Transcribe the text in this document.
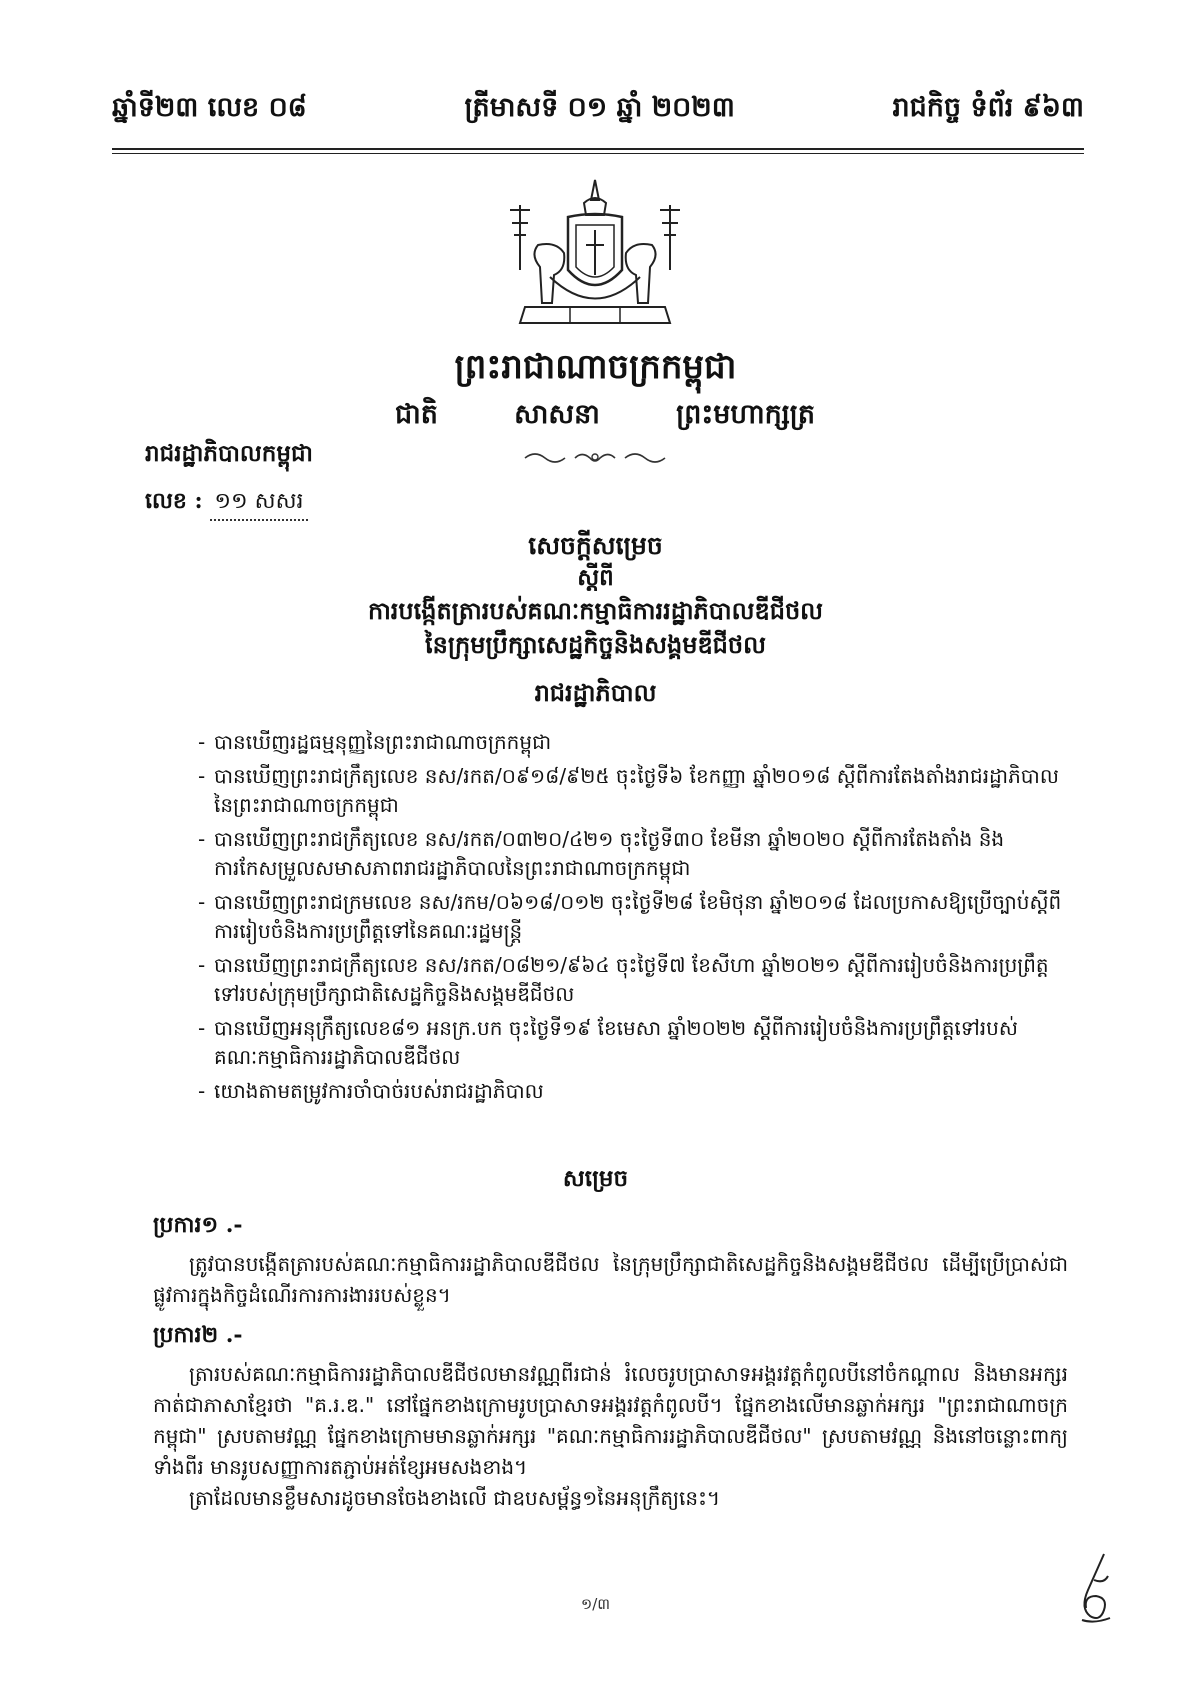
ឆ្នាំទី២៣ លេខ ០៨	ត្រីមាសទី ០១ ឆ្នាំ ២០២៣	រាជកិច្ច ទំព័រ ៩៦៣
ព្រះរាជាណាចក្រកម្ពុជា
ជាតិ	សាសនា	ព្រះមហាក្សត្រ
រាជរដ្ឋាភិបាលកម្ពុជា
លេខ : ១១ សសរ
សេចក្ដីសម្រេច
ស្ដីពី
ការបង្កើតត្រារបស់គណៈកម្មាធិការរដ្ឋាភិបាលឌីជីថល
នៃក្រុមប្រឹក្សាសេដ្ឋកិច្ចនិងសង្គមឌីជីថល
រាជរដ្ឋាភិបាល
- បានឃើញរដ្ឋធម្មនុញ្ញនៃព្រះរាជាណាចក្រកម្ពុជា
- បានឃើញព្រះរាជក្រឹត្យលេខ នស/រកត/០៩១៨/៩២៥ ចុះថ្ងៃទី៦ ខែកញ្ញា ឆ្នាំ២០១៨ ស្ដីពីការតែងតាំងរាជរដ្ឋាភិបាលនៃព្រះរាជាណាចក្រកម្ពុជា
- បានឃើញព្រះរាជក្រឹត្យលេខ នស/រកត/០៣២០/៤២១ ចុះថ្ងៃទី៣០ ខែមីនា ឆ្នាំ២០២០ ស្ដីពីការតែងតាំង និងការកែសម្រួលសមាសភាពរាជរដ្ឋាភិបាលនៃព្រះរាជាណាចក្រកម្ពុជា
- បានឃើញព្រះរាជក្រមលេខ នស/រកម/០៦១៨/០១២ ចុះថ្ងៃទី២៨ ខែមិថុនា ឆ្នាំ២០១៨ ដែលប្រកាសឱ្យប្រើច្បាប់ស្ដីពីការរៀបចំនិងការប្រព្រឹត្តទៅនៃគណៈរដ្ឋមន្ត្រី
- បានឃើញព្រះរាជក្រឹត្យលេខ នស/រកត/០៨២១/៩៦៤ ចុះថ្ងៃទី៧ ខែសីហា ឆ្នាំ២០២១ ស្ដីពីការរៀបចំនិងការប្រព្រឹត្តទៅរបស់ក្រុមប្រឹក្សាជាតិសេដ្ឋកិច្ចនិងសង្គមឌីជីថល
- បានឃើញអនុក្រឹត្យលេខ៨១ អនក្រ.បក ចុះថ្ងៃទី១៩ ខែមេសា ឆ្នាំ២០២២ ស្ដីពីការរៀបចំនិងការប្រព្រឹត្តទៅរបស់គណៈកម្មាធិការរដ្ឋាភិបាលឌីជីថល
- យោងតាមតម្រូវការចាំបាច់របស់រាជរដ្ឋាភិបាល
សម្រេច
ប្រការ១ .-

ត្រូវបានបង្កើតត្រារបស់គណៈកម្មាធិការរដ្ឋាភិបាលឌីជីថល នៃក្រុមប្រឹក្សាជាតិសេដ្ឋកិច្ចនិងសង្គមឌីជីថល ដើម្បីប្រើប្រាស់ជាផ្លូវការក្នុងកិច្ចដំណើរការការងាររបស់ខ្លួន។

ប្រការ២ .-

ត្រារបស់គណៈកម្មាធិការរដ្ឋាភិបាលឌីជីថលមានវណ្ណពីរជាន់ រំលេចរូបប្រាសាទអង្គរវត្តកំពូលបីនៅចំកណ្ដាល និងមានអក្សរកាត់ជាភាសាខ្មែរថា "គ.រ.ឌ." នៅផ្នែកខាងក្រោមរូបប្រាសាទអង្គរវត្តកំពូលបី។ ផ្នែកខាងលើមានឆ្លាក់អក្សរ "ព្រះរាជាណាចក្រកម្ពុជា" ស្របតាមវណ្ណ ផ្នែកខាងក្រោមមានឆ្លាក់អក្សរ "គណៈកម្មាធិការរដ្ឋាភិបាលឌីជីថល" ស្របតាមវណ្ណ និងនៅចន្លោះពាក្យទាំងពីរ មានរូបសញ្ញាការតភ្ជាប់អត់ខ្សែអមសងខាង។

ត្រាដែលមានខ្លឹមសារដូចមានចែងខាងលើ ជាឧបសម្ព័ន្ធ១នៃអនុក្រឹត្យនេះ។

១/៣
